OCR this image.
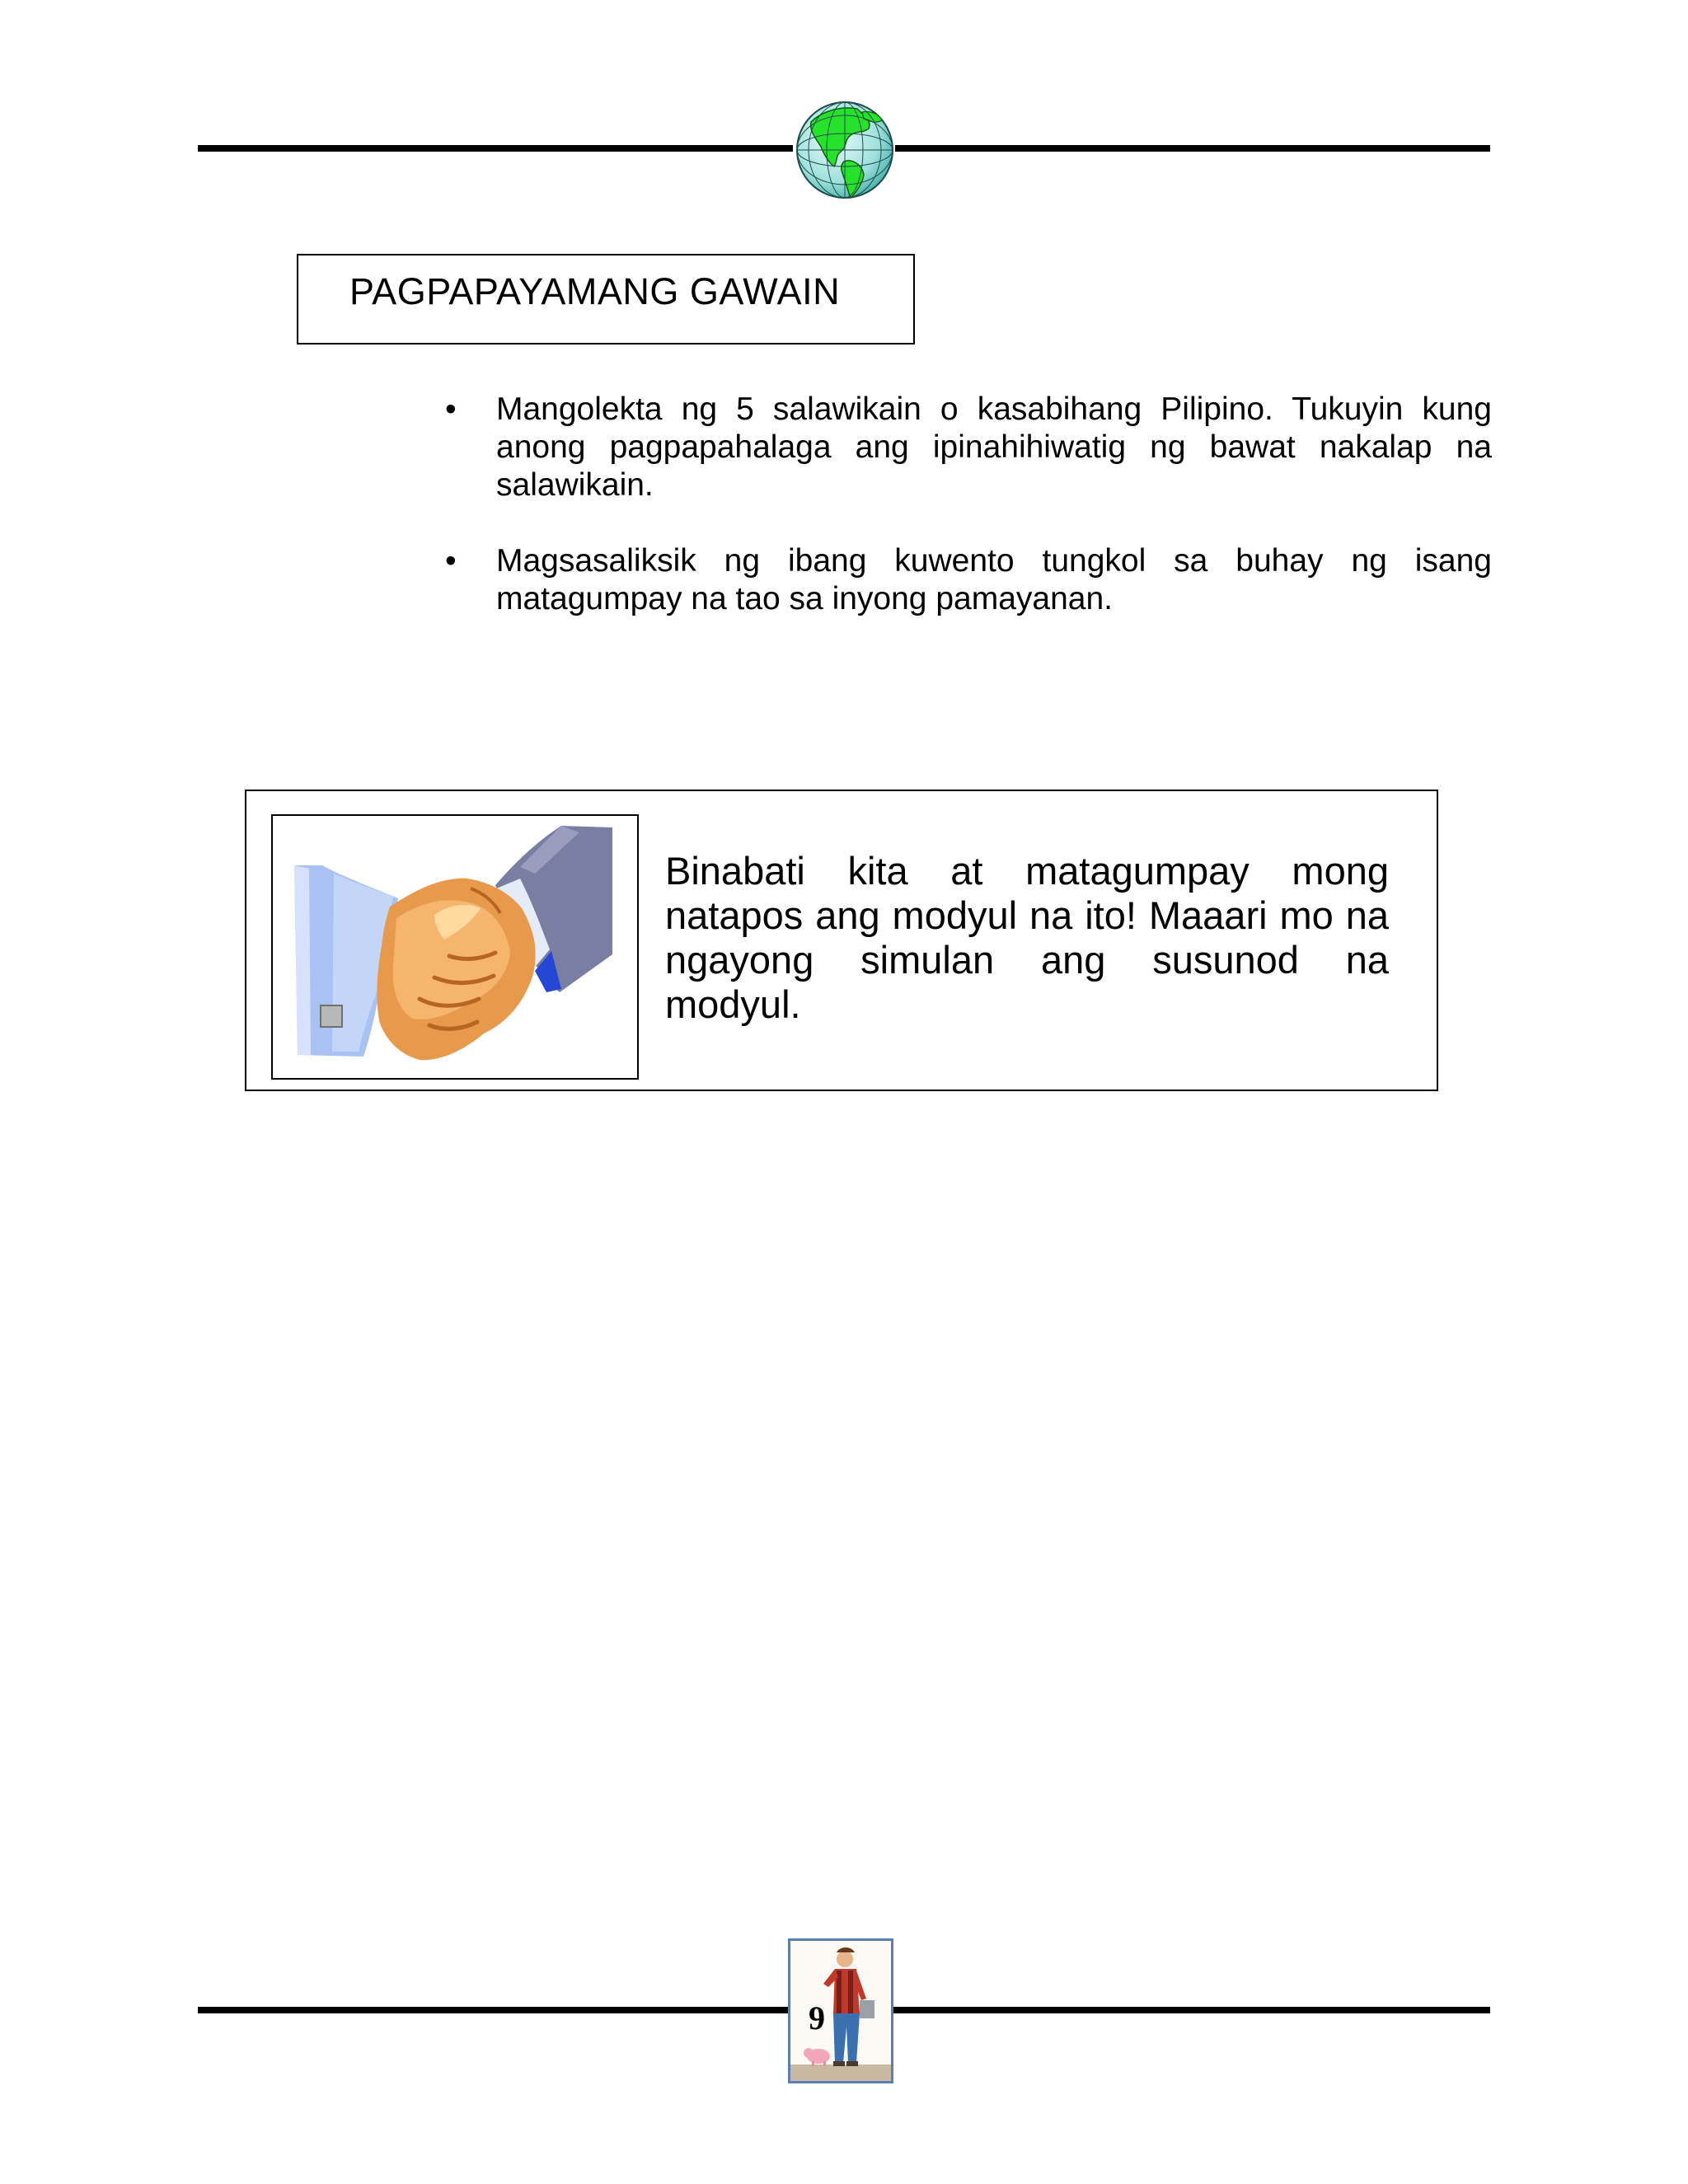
PAGPAPAYAMANG GAWAIN
• Mangolekta ng 5 salawikain o kasabihang Pilipino. Tukuyin kung anong pagpapahalaga ang ipinahihiwatig ng bawat nakalap na salawikain.
• Magsasaliksik ng ibang kuwento tungkol sa buhay ng isang matagumpay na tao sa inyong pamayanan.
Binabati kita at matagumpay mong natapos ang modyul na ito! Maaari mo na ngayong simulan ang susunod na modyul.
9
